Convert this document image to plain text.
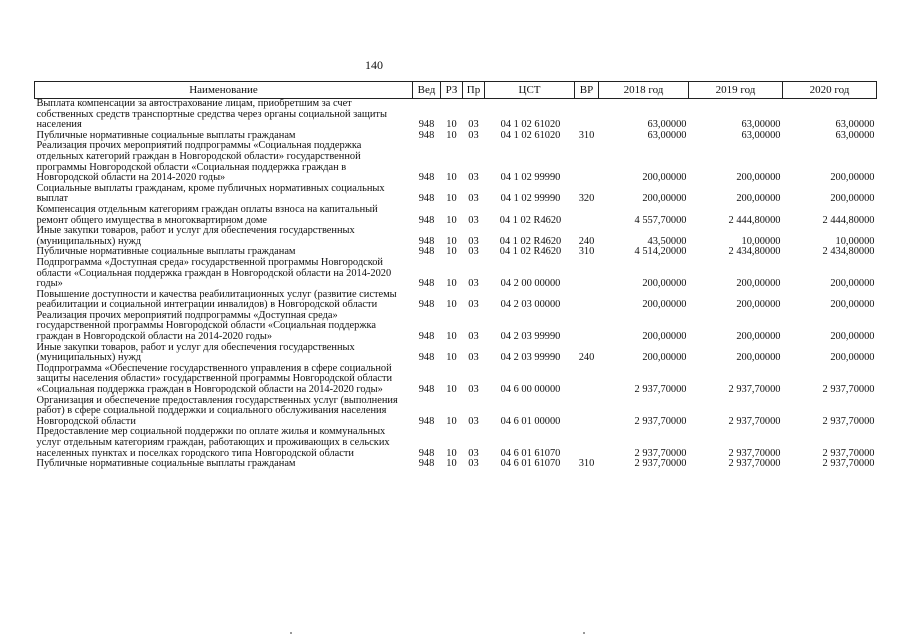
140
Наименование	Вед	РЗ	Пр	ЦСТ	ВР	2018 год	2019 год	2020 год
Выплата компенсации за автострахование лицам, приобретшим за счет собственных средств транспортные средства через органы социальной защиты населения	948	10	03	04 1 02 61020		63,00000	63,00000	63,00000
Публичные нормативные социальные выплаты гражданам	948	10	03	04 1 02 61020	310	63,00000	63,00000	63,00000
Реализация прочих мероприятий подпрограммы «Социальная поддержка отдельных категорий граждан в Новгородской области» государственной программы Новгородской области «Социальная поддержка граждан в Новгородской области на 2014-2020 годы»	948	10	03	04 1 02 99990		200,00000	200,00000	200,00000
Социальные выплаты гражданам, кроме публичных нормативных социальных выплат	948	10	03	04 1 02 99990	320	200,00000	200,00000	200,00000
Компенсация отдельным категориям граждан оплаты взноса на капитальный ремонт общего имущества в многоквартирном доме	948	10	03	04 1 02 R4620		4 557,70000	2 444,80000	2 444,80000
Иные закупки товаров, работ и услуг для обеспечения государственных (муниципальных) нужд	948	10	03	04 1 02 R4620	240	43,50000	10,00000	10,00000
Публичные нормативные социальные выплаты гражданам	948	10	03	04 1 02 R4620	310	4 514,20000	2 434,80000	2 434,80000
Подпрограмма «Доступная среда» государственной программы Новгородской области «Социальная поддержка граждан в Новгородской области на 2014-2020 годы»	948	10	03	04 2 00 00000		200,00000	200,00000	200,00000
Повышение доступности и качества реабилитационных услуг (развитие системы реабилитации и социальной интеграции инвалидов) в Новгородской области	948	10	03	04 2 03 00000		200,00000	200,00000	200,00000
Реализация прочих мероприятий подпрограммы «Доступная среда» государственной программы Новгородской области «Социальная поддержка граждан в Новгородской области на 2014-2020 годы»	948	10	03	04 2 03 99990		200,00000	200,00000	200,00000
Иные закупки товаров, работ и услуг для обеспечения государственных (муниципальных) нужд	948	10	03	04 2 03 99990	240	200,00000	200,00000	200,00000
Подпрограмма «Обеспечение государственного управления в сфере социальной защиты населения области» государственной программы Новгородской области «Социальная поддержка граждан в Новгородской области на 2014-2020 годы»	948	10	03	04 6 00 00000		2 937,70000	2 937,70000	2 937,70000
Организация и обеспечение предоставления государственных услуг (выполнения работ) в сфере социальной поддержки и социального обслуживания населения Новгородской области	948	10	03	04 6 01 00000		2 937,70000	2 937,70000	2 937,70000
Предоставление мер социальной поддержки по оплате жилья и коммунальных услуг отдельным категориям граждан, работающих и проживающих в сельских населенных пунктах и поселках городского типа Новгородской области	948	10	03	04 6 01 61070		2 937,70000	2 937,70000	2 937,70000
Публичные нормативные социальные выплаты гражданам	948	10	03	04 6 01 61070	310	2 937,70000	2 937,70000	2 937,70000
